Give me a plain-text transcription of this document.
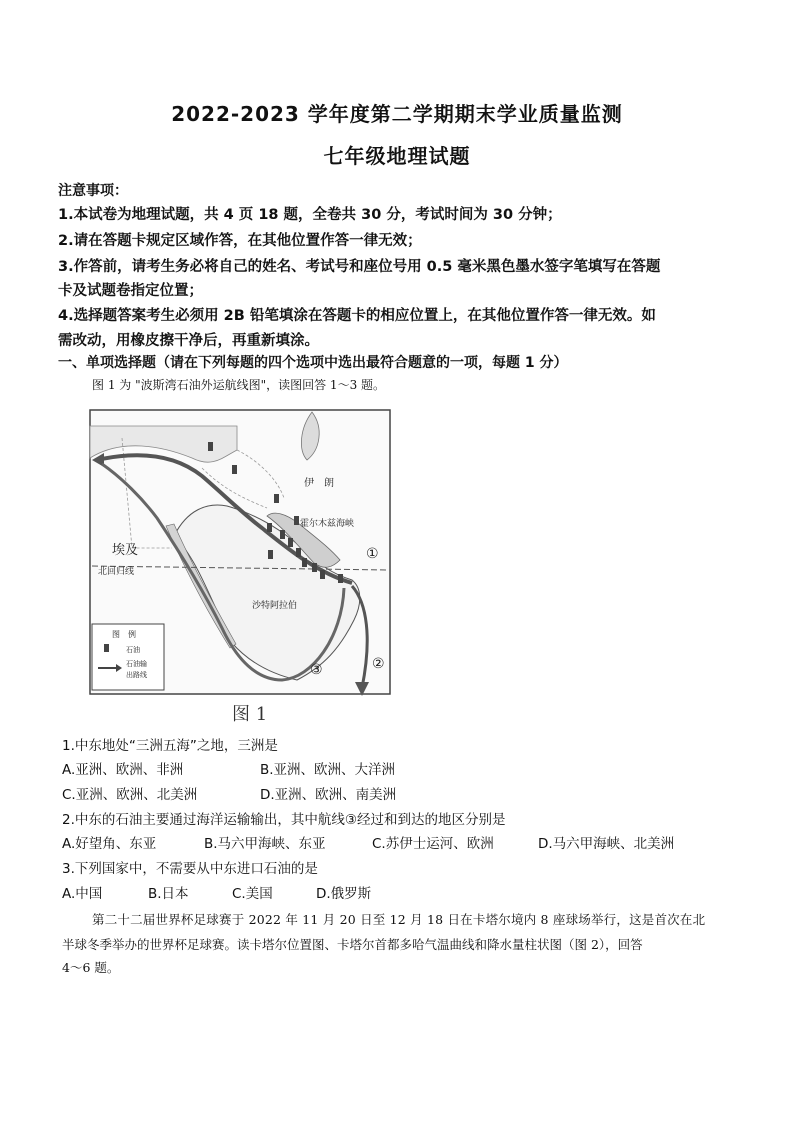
2022-2023 学年度第二学期期末学业质量监测
七年级地理试题
注意事项：
1.本试卷为地理试题，共 4 页 18 题，全卷共 30 分，考试时间为 30 分钟；
2.请在答题卡规定区域作答，在其他位置作答一律无效；
3.作答前，请考生务必将自己的姓名、考试号和座位号用 0.5 毫米黑色墨水签字笔填写在答题
卡及试题卷指定位置；
4.选择题答案考生必须用 2B 铅笔填涂在答题卡的相应位置上，在其他位置作答一律无效。如
需改动，用橡皮擦干净后，再重新填涂。
一、单项选择题（请在下列每题的四个选项中选出最符合题意的一项，每题 1 分）
图 1 为 "波斯湾石油外运航线图"，读图回答 1～3 题。
伊　朗
霍尔木兹海峡
埃及
北回归线
沙特阿拉伯
①
②
③
图　例
石油
石油输
出路线
图 1
1.中东地处“三洲五海”之地，三洲是
A.亚洲、欧洲、非洲	B.亚洲、欧洲、大洋洲
C.亚洲、欧洲、北美洲	D.亚洲、欧洲、南美洲
2.中东的石油主要通过海洋运输输出，其中航线③经过和到达的地区分别是
A.好望角、东亚	B.马六甲海峡、东亚	C.苏伊士运河、欧洲	D.马六甲海峡、北美洲
3.下列国家中，不需要从中东进口石油的是
A.中国	B.日本	C.美国	D.俄罗斯
第二十二届世界杯足球赛于 2022 年 11 月 20 日至 12 月 18 日在卡塔尔境内 8 座球场举行，这是首次在北
半球冬季举办的世界杯足球赛。读卡塔尔位置图、卡塔尔首都多哈气温曲线和降水量柱状图（图 2），回答
4～6 题。
